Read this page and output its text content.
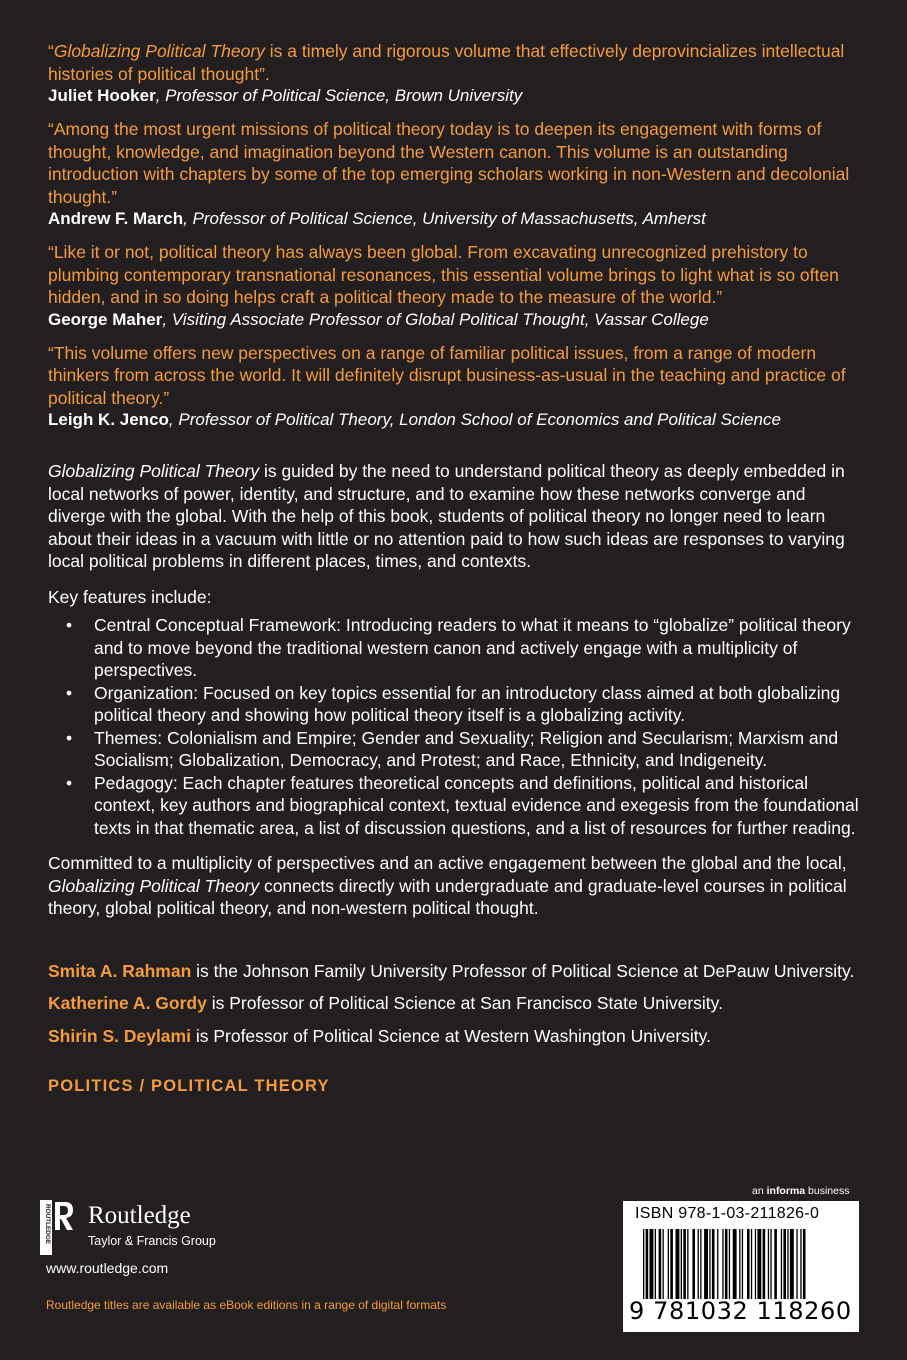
“Globalizing Political Theory is a timely and rigorous volume that effectively deprovincializes intellectual histories of political thought”.
Juliet Hooker, Professor of Political Science, Brown University
“Among the most urgent missions of political theory today is to deepen its engagement with forms of thought, knowledge, and imagination beyond the Western canon. This volume is an outstanding introduction with chapters by some of the top emerging scholars working in non-Western and decolonial thought.”
Andrew F. March, Professor of Political Science, University of Massachusetts, Amherst
“Like it or not, political theory has always been global. From excavating unrecognized prehistory to plumbing contemporary transnational resonances, this essential volume brings to light what is so often hidden, and in so doing helps craft a political theory made to the measure of the world.”
George Maher, Visiting Associate Professor of Global Political Thought, Vassar College
“This volume offers new perspectives on a range of familiar political issues, from a range of modern thinkers from across the world. It will definitely disrupt business-as-usual in the teaching and practice of political theory.”
Leigh K. Jenco, Professor of Political Theory, London School of Economics and Political Science

Globalizing Political Theory is guided by the need to understand political theory as deeply embedded in local networks of power, identity, and structure, and to examine how these networks converge and diverge with the global. With the help of this book, students of political theory no longer need to learn about their ideas in a vacuum with little or no attention paid to how such ideas are responses to varying local political problems in different places, times, and contexts.

Key features include:

• Central Conceptual Framework: Introducing readers to what it means to “globalize” political theory and to move beyond the traditional western canon and actively engage with a multiplicity of perspectives.
• Organization: Focused on key topics essential for an introductory class aimed at both globalizing political theory and showing how political theory itself is a globalizing activity.
• Themes: Colonialism and Empire; Gender and Sexuality; Religion and Secularism; Marxism and Socialism; Globalization, Democracy, and Protest; and Race, Ethnicity, and Indigeneity.
• Pedagogy: Each chapter features theoretical concepts and definitions, political and historical context, key authors and biographical context, textual evidence and exegesis from the foundational texts in that thematic area, a list of discussion questions, and a list of resources for further reading.

Committed to a multiplicity of perspectives and an active engagement between the global and the local, Globalizing Political Theory connects directly with undergraduate and graduate-level courses in political theory, global political theory, and non-western political thought.

Smita A. Rahman is the Johnson Family University Professor of Political Science at DePauw University.
Katherine A. Gordy is Professor of Political Science at San Francisco State University.
Shirin S. Deylami is Professor of Political Science at Western Washington University.
POLITICS / POLITICAL THEORY
ROUTLEDGE Routledge
Taylor & Francis Group
www.routledge.com
Routledge titles are available as eBook editions in a range of digital formats
an informa business
ISBN 978-1-03-211826-0
9 781032 118260
